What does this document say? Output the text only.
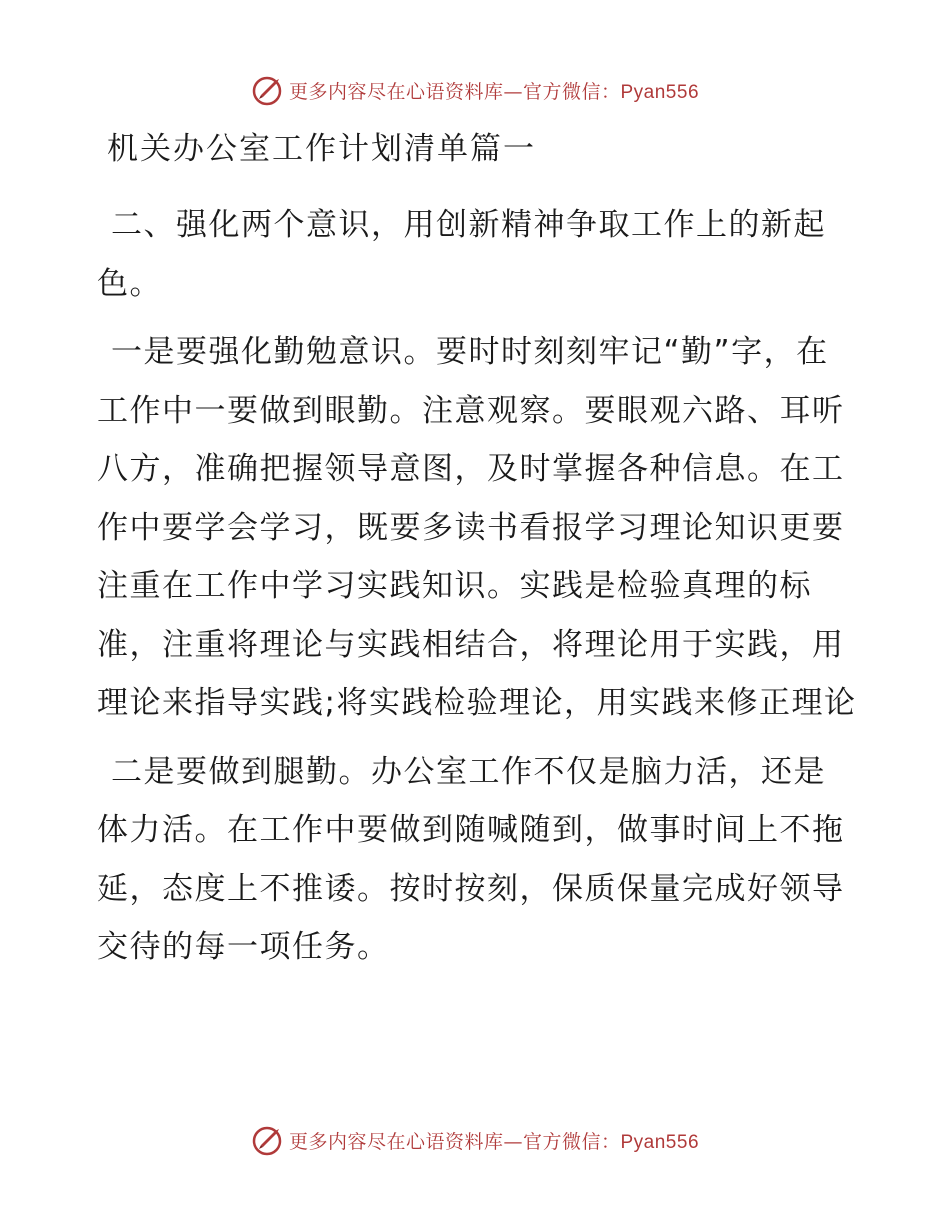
更多内容尽在心语资料库—官方微信：Pyan556
机关办公室工作计划清单篇一

二、强化两个意识，用创新精神争取工作上的新起色。

一是要强化勤勉意识。要时时刻刻牢记“勤”字，在工作中一要做到眼勤。注意观察。要眼观六路、耳听八方，准确把握领导意图，及时掌握各种信息。在工作中要学会学习，既要多读书看报学习理论知识更要注重在工作中学习实践知识。实践是检验真理的标准，注重将理论与实践相结合，将理论用于实践，用理论来指导实践;将实践检验理论，用实践来修正理论

二是要做到腿勤。办公室工作不仅是脑力活，还是体力活。在工作中要做到随喊随到，做事时间上不拖延，态度上不推诿。按时按刻，保质保量完成好领导交待的每一项任务。

更多内容尽在心语资料库—官方微信：Pyan556
